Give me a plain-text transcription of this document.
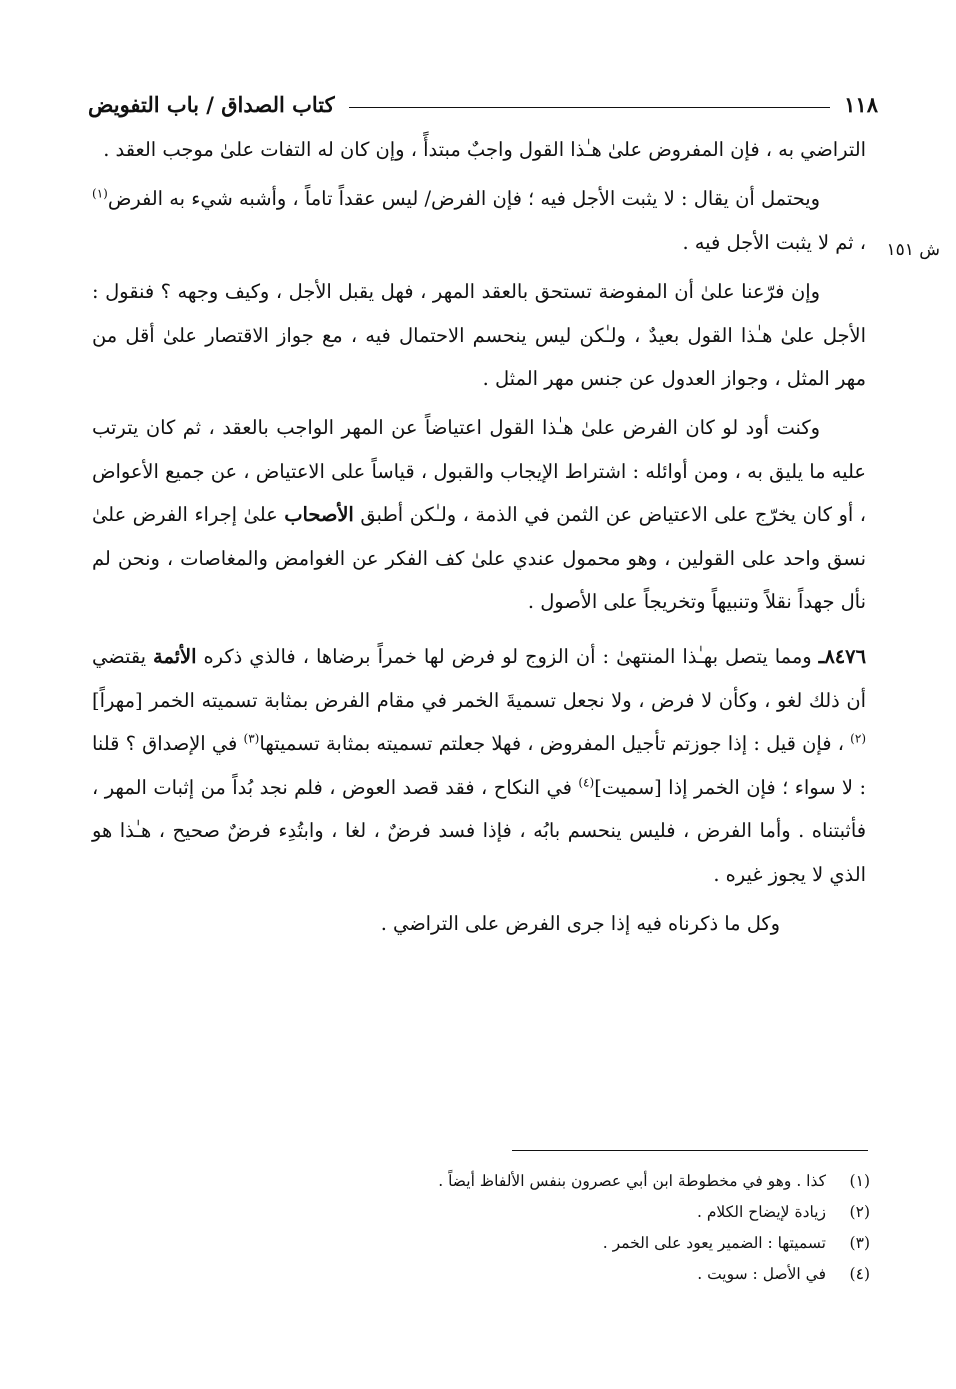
١١٨
كتاب الصداق / باب التفويض
ش ١٥١

التراضي به ، فإن المفروض علىٰ هـٰذا القول واجبٌ مبتدأً ، وإن كان له التفات علىٰ موجب العقد .

ويحتمل أن يقال : لا يثبت الأجل فيه ؛ فإن الفرض/ ليس عقداً تاماً ، وأشبه شيء به الفرض$^{(١)}$ ، ثم لا يثبت الأجل فيه .

وإن فرّعنا علىٰ أن المفوضة تستحق بالعقد المهر ، فهل يقبل الأجل ، وكيف وجهه ؟ فنقول : الأجل علىٰ هـٰذا القول بعيدٌ ، ولـٰكن ليس ينحسم الاحتمال فيه ، مع جواز الاقتصار علىٰ أقل من مهر المثل ، وجواز العدول عن جنس مهر المثل .

وكنت أود لو كان الفرض علىٰ هـٰذا القول اعتياضاً عن المهر الواجب بالعقد ، ثم كان يترتب عليه ما يليق به ، ومن أوائله : اشتراط الإيجاب والقبول ، قياساً على الاعتياض ، عن جميع الأعواض ، أو كان يخرّج على الاعتياض عن الثمن في الذمة ، ولـٰكن أطبق الأصحاب علىٰ إجراء الفرض علىٰ نسق واحد على القولين ، وهو محمول عندي علىٰ كف الفكر عن الغوامض والمغاصات ، ونحن لم نأل جهداً نقلاً وتنبيهاً وتخريجاً على الأصول .

٨٤٧٦ـ ومما يتصل بهـٰذا المنتهىٰ : أن الزوج لو فرض لها خمراً برضاها ، فالذي ذكره الأئمة يقتضي أن ذلك لغو ، وكأن لا فرض ، ولا نجعل تسميةَ الخمر في مقام الفرض بمثابة تسميته الخمر [مهراً]$^{(٢)}$ ، فإن قيل : إذا جوزتم تأجيل المفروض ، فهلا جعلتم تسميته بمثابة تسميتها$^{(٣)}$ في الإصداق ؟ قلنا : لا سواء ؛ فإن الخمر إذا [سميت]$^{(٤)}$ في النكاح ، فقد قصد العوض ، فلم نجد بُداً من إثبات المهر ، فأثبتناه . وأما الفرض ، فليس ينحسم بابُه ، فإذا فسد فرضٌ ، لغا ، وابتُدِء فرضٌ صحيح ، هـٰذا هو الذي لا يجوز غيره .

وكل ما ذكرناه فيه إذا جرى الفرض على التراضي .

(١)
كذا . وهو في مخطوطة ابن أبي عصرون بنفس الألفاظ أيضاً .
(٢)
زيادة لإيضاح الكلام .
(٣)
تسميتها : الضمير يعود على الخمر .
(٤)
في الأصل : سويت .
